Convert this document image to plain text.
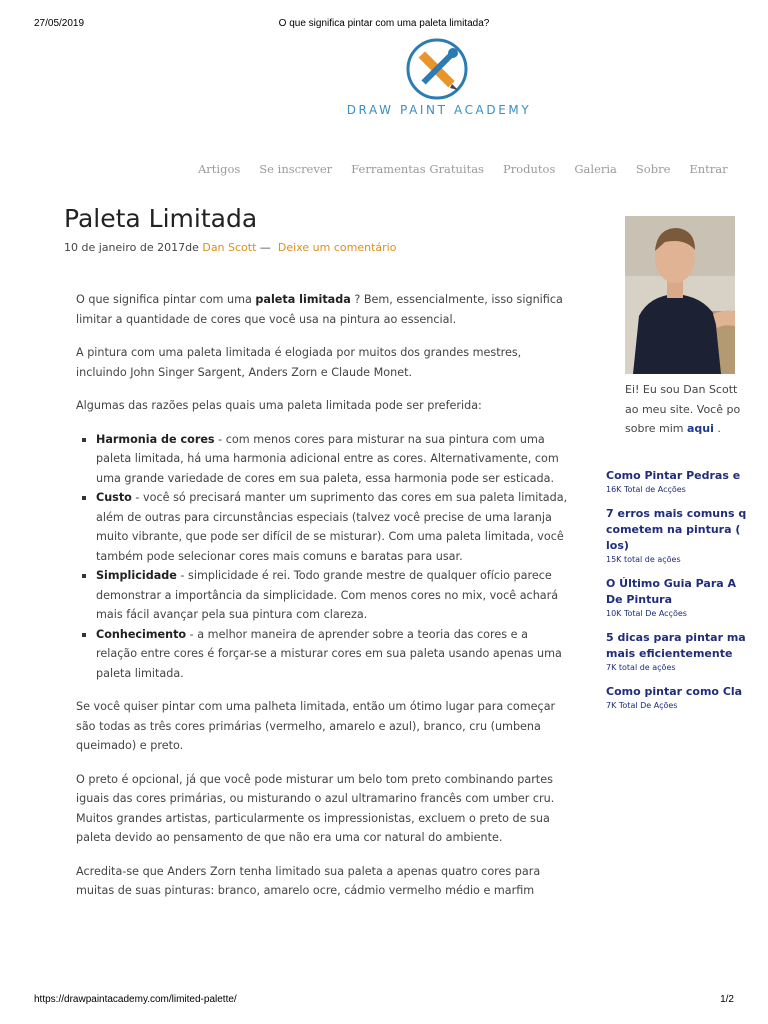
27/05/2019	O que significa pintar com uma paleta limitada?
DRAW PAINT ACADEMY
Artigos Se inscrever Ferramentas Gratuitas Produtos Galeria Sobre Entrar
Paleta Limitada
10 de janeiro de 2017de Dan Scott — Deixe um comentário

O que significa pintar com uma paleta limitada ? Bem, essencialmente, isso significa limitar a quantidade de cores que você usa na pintura ao essencial.

A pintura com uma paleta limitada é elogiada por muitos dos grandes mestres, incluindo John Singer Sargent, Anders Zorn e Claude Monet.

Algumas das razões pelas quais uma paleta limitada pode ser preferida:

Harmonia de cores - com menos cores para misturar na sua pintura com uma paleta limitada, há uma harmonia adicional entre as cores. Alternativamente, com uma grande variedade de cores em sua paleta, essa harmonia pode ser esticada.
Custo - você só precisará manter um suprimento das cores em sua paleta limitada, além de outras para circunstâncias especiais (talvez você precise de uma laranja muito vibrante, que pode ser difícil de se misturar). Com uma paleta limitada, você também pode selecionar cores mais comuns e baratas para usar.
Simplicidade - simplicidade é rei. Todo grande mestre de qualquer ofício parece demonstrar a importância da simplicidade. Com menos cores no mix, você achará mais fácil avançar pela sua pintura com clareza.
Conhecimento - a melhor maneira de aprender sobre a teoria das cores e a relação entre cores é forçar-se a misturar cores em sua paleta usando apenas uma paleta limitada.

Se você quiser pintar com uma palheta limitada, então um ótimo lugar para começar são todas as três cores primárias (vermelho, amarelo e azul), branco, cru (umbena queimado) e preto.

O preto é opcional, já que você pode misturar um belo tom preto combinando partes iguais das cores primárias, ou misturando o azul ultramarino francês com umber cru. Muitos grandes artistas, particularmente os impressionistas, excluem o preto de sua paleta devido ao pensamento de que não era uma cor natural do ambiente.

Acredita-se que Anders Zorn tenha limitado sua paleta a apenas quatro cores para muitas de suas pinturas: branco, amarelo ocre, cádmio vermelho médio e marfim

Ei! Eu sou Dan Scott
ao meu site. Você po
sobre mim aqui .
Como Pintar Pedras e
16K Total de Acções
7 erros mais comuns q
cometem na pintura (
los)
15K total de ações
O Último Guia Para A
De Pintura
10K Total De Acções
5 dicas para pintar ma
mais eficientemente
7K total de ações
Como pintar como Cla
7K Total De Ações
https://drawpaintacademy.com/limited-palette/	1/2
